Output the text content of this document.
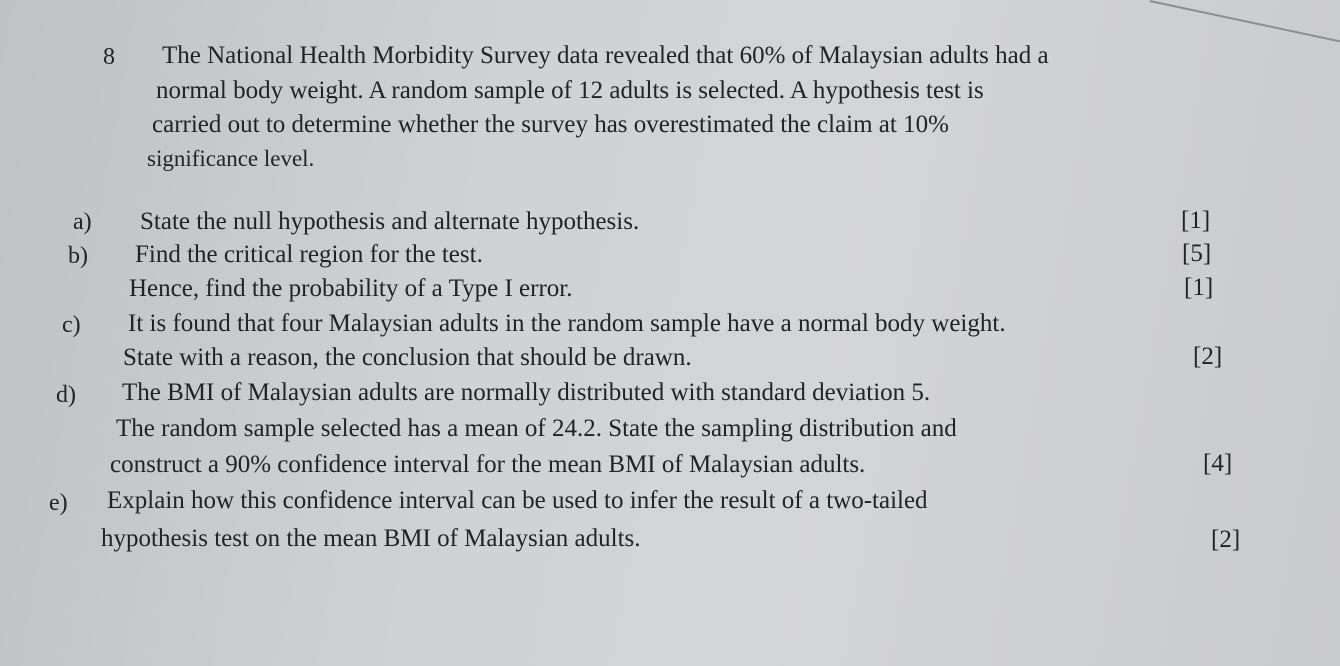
8 The National Health Morbidity Survey data revealed that 60% of Malaysian adults had a
normal body weight. A random sample of 12 adults is selected. A hypothesis test is
carried out to determine whether the survey has overestimated the claim at 10%
significance level.
a) State the null hypothesis and alternate hypothesis.	[1]
b) Find the critical region for the test.	[5]
Hence, find the probability of a Type I error.	[1]
c) It is found that four Malaysian adults in the random sample have a normal body weight.
State with a reason, the conclusion that should be drawn.	[2]
d) The BMI of Malaysian adults are normally distributed with standard deviation 5.
The random sample selected has a mean of 24.2. State the sampling distribution and
construct a 90% confidence interval for the mean BMI of Malaysian adults.	[4]
e) Explain how this confidence interval can be used to infer the result of a two-tailed
hypothesis test on the mean BMI of Malaysian adults.	[2]
